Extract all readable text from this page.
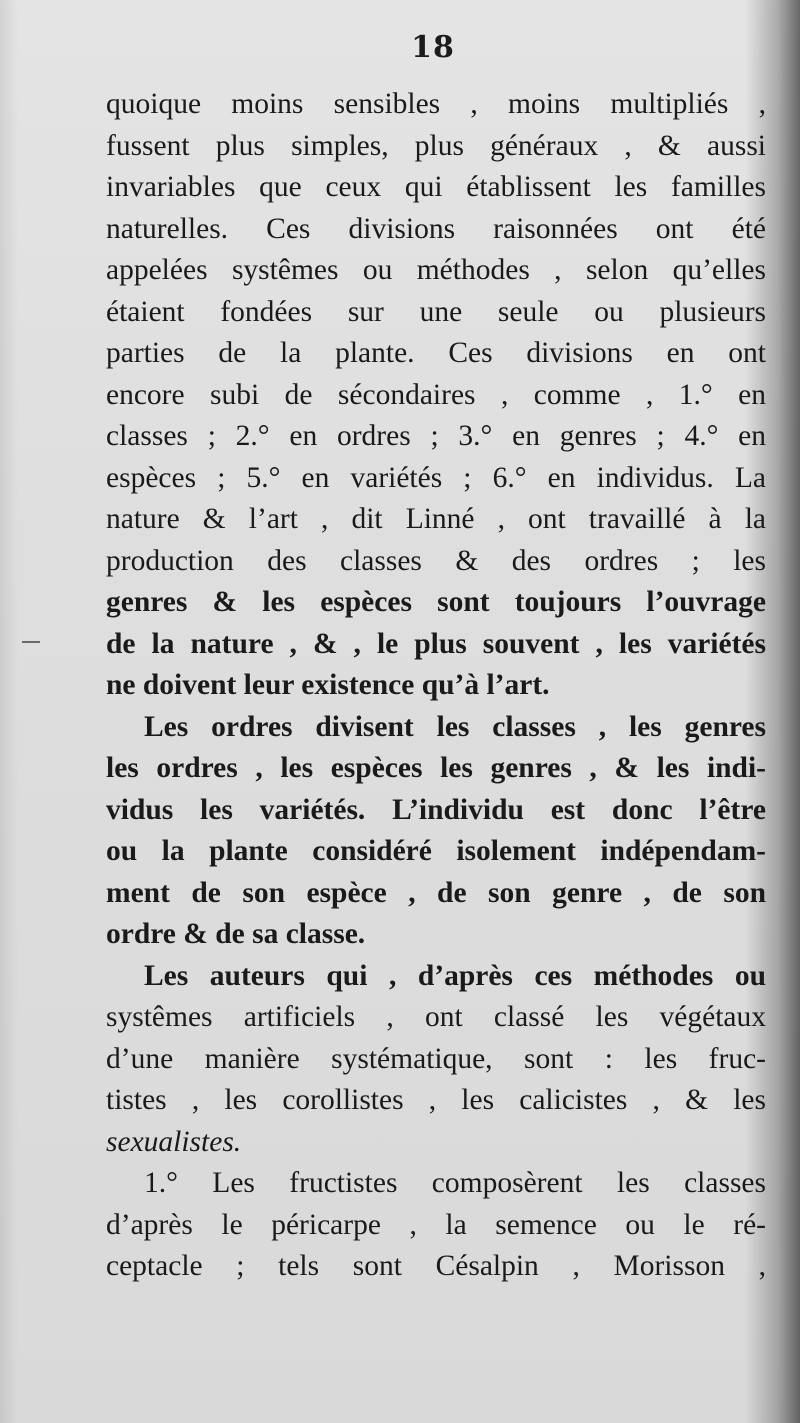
18
quoique moins sensibles , moins multipliés ,
fussent plus simples, plus généraux , & aussi
invariables que ceux qui établissent les familles
naturelles. Ces divisions raisonnées ont été
appelées systêmes ou méthodes , selon qu’elles
étaient fondées sur une seule ou plusieurs
parties de la plante. Ces divisions en ont
encore subi de sécondaires , comme , 1.° en
classes ; 2.° en ordres ; 3.° en genres ; 4.° en
espèces ; 5.° en variétés ; 6.° en individus. La
nature & l’art , dit Linné , ont travaillé à la
production des classes & des ordres ; les
genres & les espèces sont toujours l’ouvrage
de la nature , & , le plus souvent , les variétés
ne doivent leur existence qu’à l’art.
Les ordres divisent les classes , les genres
les ordres , les espèces les genres , & les indi-
vidus les variétés. L’individu est donc l’être
ou la plante considéré isolement indépendam-
ment de son espèce , de son genre , de son
ordre & de sa classe.
Les auteurs qui , d’après ces méthodes ou
systêmes artificiels , ont classé les végétaux
d’une manière systématique, sont : les fruc-
tistes , les corollistes , les calicistes , & les
sexualistes.
1.° Les fructistes composèrent les classes
d’après le péricarpe , la semence ou le ré-
ceptacle ; tels sont Césalpin , Morisson ,
